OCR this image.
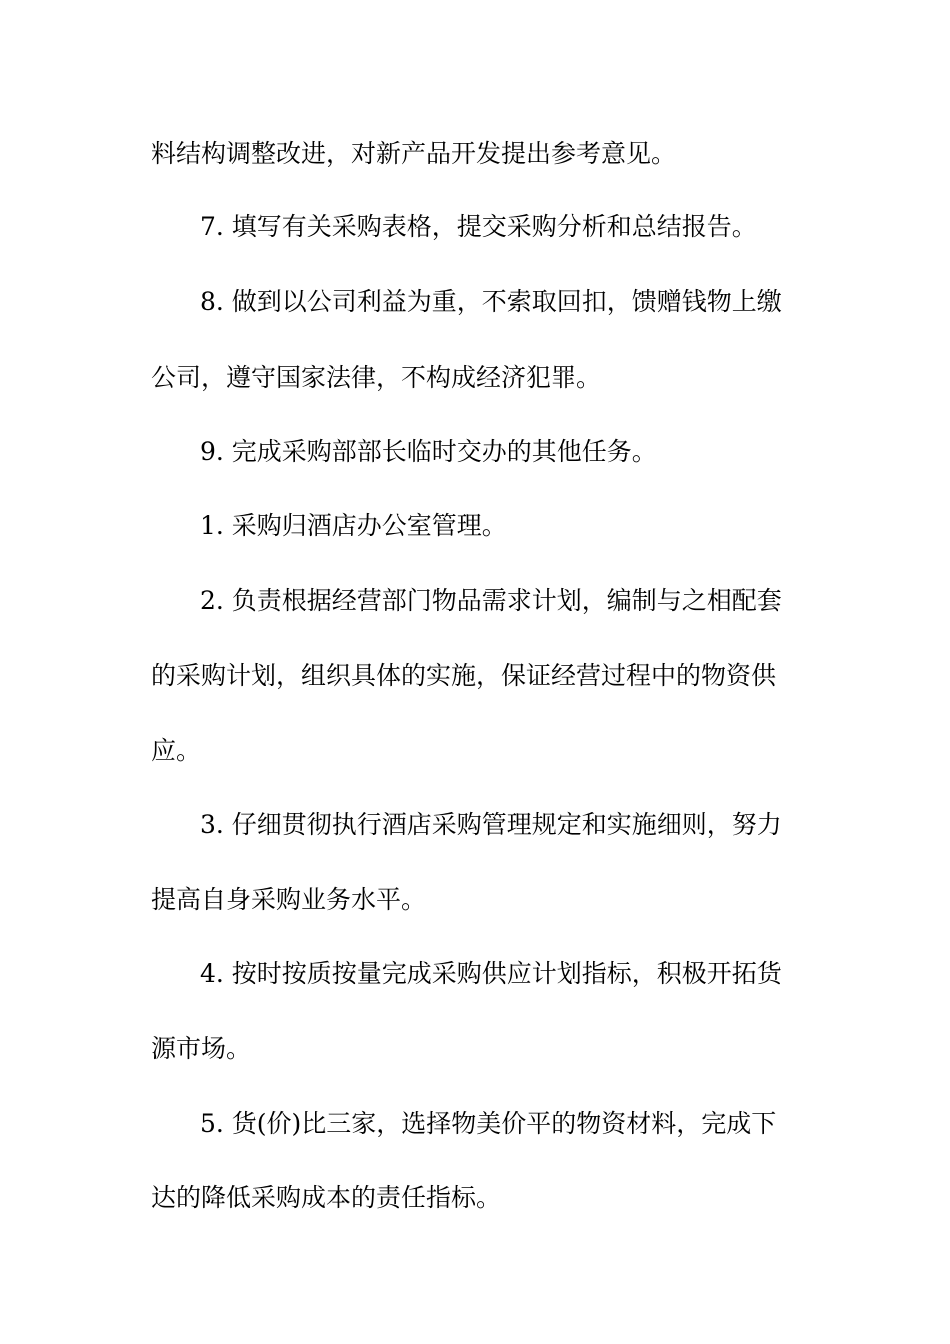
料结构调整改进，对新产品开发提出参考意见。
7. 填写有关采购表格，提交采购分析和总结报告。
8. 做到以公司利益为重，不索取回扣，馈赠钱物上缴
公司，遵守国家法律，不构成经济犯罪。
9. 完成采购部部长临时交办的其他任务。
1. 采购归酒店办公室管理。
2. 负责根据经营部门物品需求计划，编制与之相配套
的采购计划，组织具体的实施，保证经营过程中的物资供
应。
3. 仔细贯彻执行酒店采购管理规定和实施细则，努力
提高自身采购业务水平。
4. 按时按质按量完成采购供应计划指标，积极开拓货
源市场。
5. 货(价)比三家，选择物美价平的物资材料，完成下
达的降低采购成本的责任指标。
